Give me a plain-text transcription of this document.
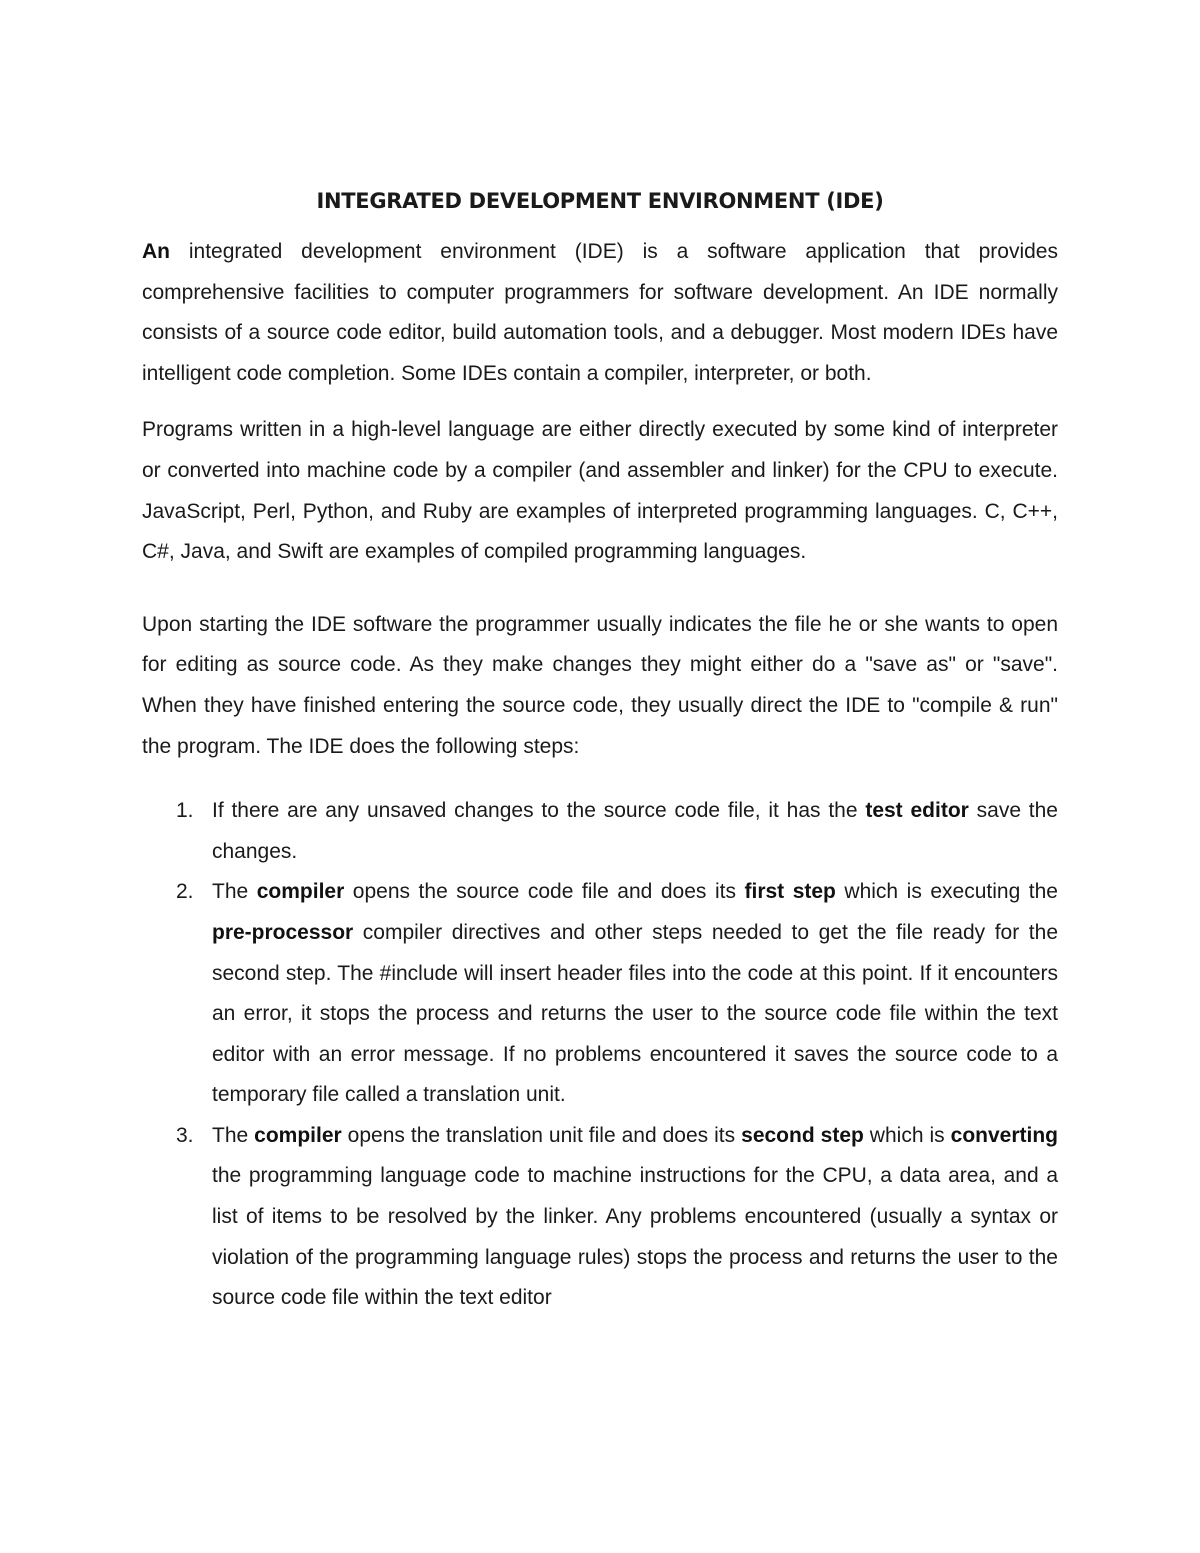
INTEGRATED DEVELOPMENT ENVIRONMENT (IDE)

An integrated development environment (IDE) is a software application that provides comprehensive facilities to computer programmers for software development. An IDE normally consists of a source code editor, build automation tools, and a debugger. Most modern IDEs have intelligent code completion. Some IDEs contain a compiler, interpreter, or both.

Programs written in a high-level language are either directly executed by some kind of interpreter or converted into machine code by a compiler (and assembler and linker) for the CPU to execute. JavaScript, Perl, Python, and Ruby are examples of interpreted programming languages. C, C++, C#, Java, and Swift are examples of compiled programming languages.

Upon starting the IDE software the programmer usually indicates the file he or she wants to open for editing as source code. As they make changes they might either do a "save as" or "save". When they have finished entering the source code, they usually direct the IDE to "compile & run" the program. The IDE does the following steps:

1. If there are any unsaved changes to the source code file, it has the test editor save the changes.
2. The compiler opens the source code file and does its first step which is executing the pre-processor compiler directives and other steps needed to get the file ready for the second step. The #include will insert header files into the code at this point. If it encounters an error, it stops the process and returns the user to the source code file within the text editor with an error message. If no problems encountered it saves the source code to a temporary file called a translation unit.
3. The compiler opens the translation unit file and does its second step which is converting the programming language code to machine instructions for the CPU, a data area, and a list of items to be resolved by the linker. Any problems encountered (usually a syntax or violation of the programming language rules) stops the process and returns the user to the source code file within the text editor
